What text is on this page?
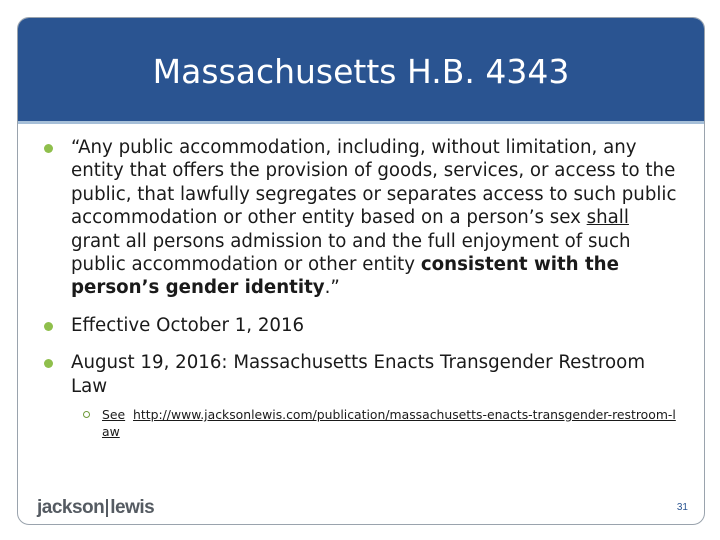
Massachusetts H.B. 4343
“Any public accommodation, including, without limitation, any entity that offers the provision of goods, services, or access to the public, that lawfully segregates or separates access to such public accommodation or other entity based on a person’s sex shall grant all persons admission to and the full enjoyment of such public accommodation or other entity consistent with the person’s gender identity.”
Effective October 1, 2016
August 19, 2016: Massachusetts Enacts Transgender Restroom Law
See http://www.jacksonlewis.com/publication/massachusetts-enacts-transgender-restroom-law
jackson lewis	31
